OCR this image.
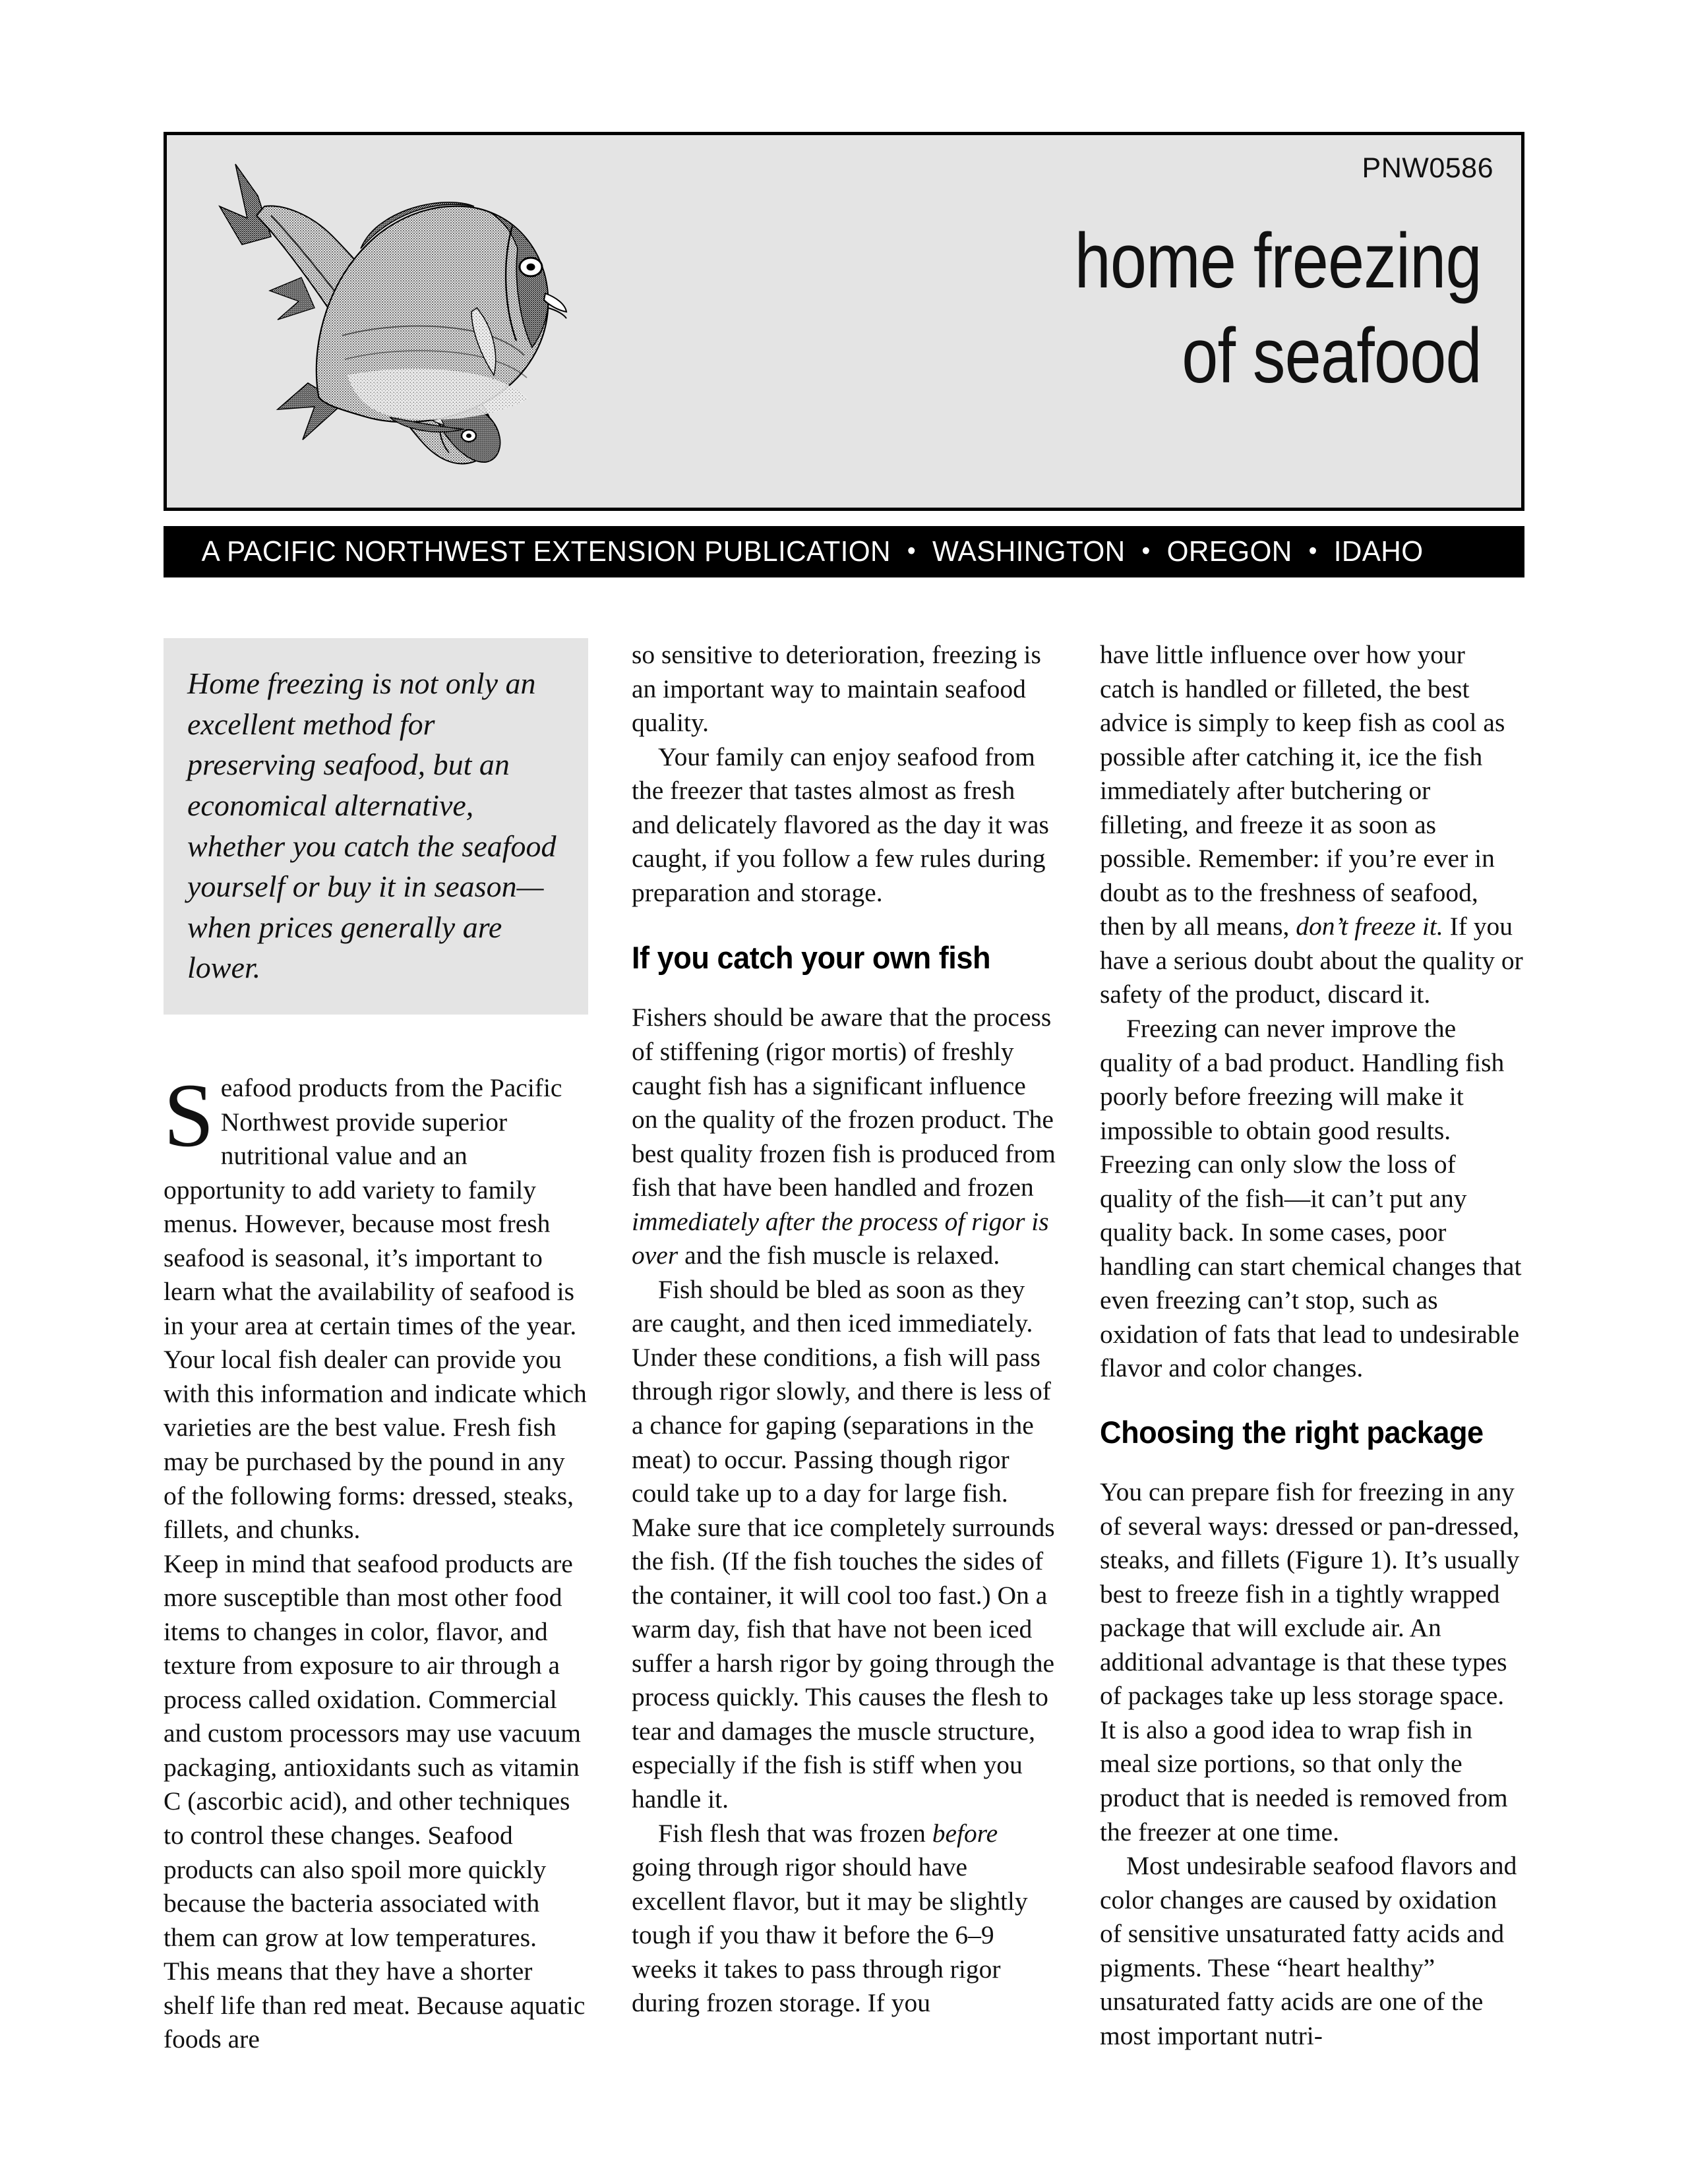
PNW0586
home freezing
of seafood
A PACIFIC NORTHWEST EXTENSION PUBLICATION • WASHINGTON • OREGON • IDAHO
Home freezing is not only an excellent method for preserving seafood, but an economical alternative, whether you catch the seafood yourself or buy it in season—when prices generally are lower.

Seafood products from the Pacific Northwest provide superior nutritional value and an opportunity to add variety to family menus. However, because most fresh seafood is seasonal, it’s important to learn what the availability of seafood is in your area at certain times of the year. Your local fish dealer can provide you with this information and indicate which varieties are the best value. Fresh fish may be purchased by the pound in any of the following forms: dressed, steaks, fillets, and chunks.

Keep in mind that seafood products are more susceptible than most other food items to changes in color, flavor, and texture from exposure to air through a process called oxidation. Commercial and custom processors may use vacuum packaging, antioxidants such as vitamin C (ascorbic acid), and other techniques to control these changes. Seafood products can also spoil more quickly because the bacteria associated with them can grow at low temperatures. This means that they have a shorter shelf life than red meat. Because aquatic foods are

so sensitive to deterioration, freezing is an important way to maintain seafood quality.

Your family can enjoy seafood from the freezer that tastes almost as fresh and delicately flavored as the day it was caught, if you follow a few rules during preparation and storage.

If you catch your own fish

Fishers should be aware that the process of stiffening (rigor mortis) of freshly caught fish has a significant influence on the quality of the frozen product. The best quality frozen fish is produced from fish that have been handled and frozen immediately after the process of rigor is over and the fish muscle is relaxed.

Fish should be bled as soon as they are caught, and then iced immediately. Under these conditions, a fish will pass through rigor slowly, and there is less of a chance for gaping (separations in the meat) to occur. Passing though rigor could take up to a day for large fish. Make sure that ice completely surrounds the fish. (If the fish touches the sides of the container, it will cool too fast.) On a warm day, fish that have not been iced suffer a harsh rigor by going through the process quickly. This causes the flesh to tear and damages the muscle structure, especially if the fish is stiff when you handle it.

Fish flesh that was frozen before going through rigor should have excellent flavor, but it may be slightly tough if you thaw it before the 6–9 weeks it takes to pass through rigor during frozen storage. If you

have little influence over how your catch is handled or filleted, the best advice is simply to keep fish as cool as possible after catching it, ice the fish immediately after butchering or filleting, and freeze it as soon as possible. Remember: if you’re ever in doubt as to the freshness of seafood, then by all means, don’t freeze it. If you have a serious doubt about the quality or safety of the product, discard it.

Freezing can never improve the quality of a bad product. Handling fish poorly before freezing will make it impossible to obtain good results. Freezing can only slow the loss of quality of the fish—it can’t put any quality back. In some cases, poor handling can start chemical changes that even freezing can’t stop, such as oxidation of fats that lead to undesirable flavor and color changes.

Choosing the right package

You can prepare fish for freezing in any of several ways: dressed or pan-dressed, steaks, and fillets (Figure 1). It’s usually best to freeze fish in a tightly wrapped package that will exclude air. An additional advantage is that these types of packages take up less storage space. It is also a good idea to wrap fish in meal size portions, so that only the product that is needed is removed from the freezer at one time.

Most undesirable seafood flavors and color changes are caused by oxidation of sensitive unsaturated fatty acids and pigments. These “heart healthy” unsaturated fatty acids are one of the most important nutri-
